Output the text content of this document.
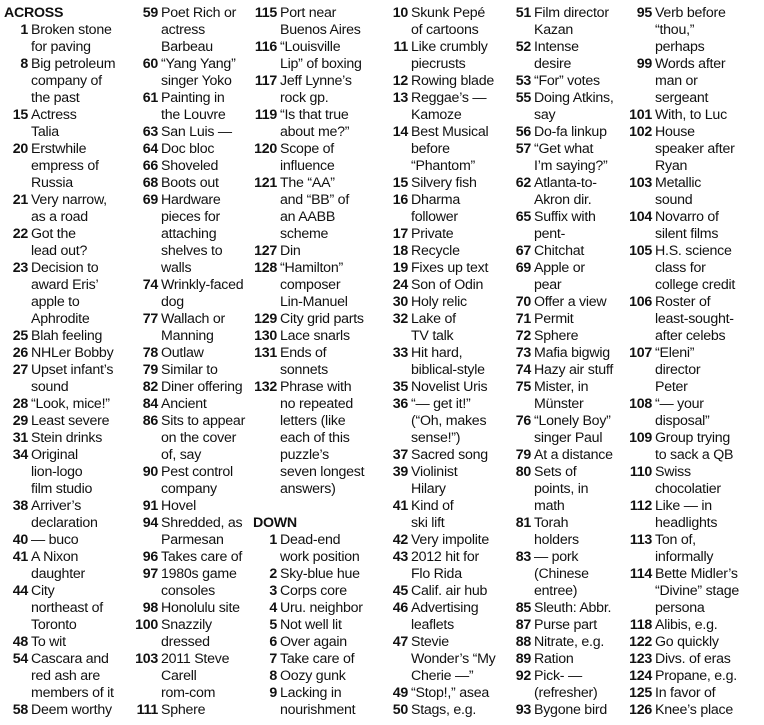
ACROSS
1 Broken stone
for paving
8 Big petroleum
company of
the past
15 Actress
Talia
20 Erstwhile
empress of
Russia
21 Very narrow,
as a road
22 Got the
lead out?
23 Decision to
award Eris’
apple to
Aphrodite
25 Blah feeling
26 NHLer Bobby
27 Upset infant’s
sound
28 “Look, mice!”
29 Least severe
31 Stein drinks
34 Original
lion-logo
film studio
38 Arriver’s
declaration
40 — buco
41 A Nixon
daughter
44 City
northeast of
Toronto
48 To wit
54 Cascara and
red ash are
members of it
58 Deem worthy
59 Poet Rich or
actress
Barbeau
60 “Yang Yang”
singer Yoko
61 Painting in
the Louvre
63 San Luis —
64 Doc bloc
66 Shoveled
68 Boots out
69 Hardware
pieces for
attaching
shelves to
walls
74 Wrinkly-faced
dog
77 Wallach or
Manning
78 Outlaw
79 Similar to
82 Diner offering
84 Ancient
86 Sits to appear
on the cover
of, say
90 Pest control
company
91 Hovel
94 Shredded, as
Parmesan
96 Takes care of
97 1980s game
consoles
98 Honolulu site
100 Snazzily
dressed
103 2011 Steve
Carell
rom-com
111 Sphere
115 Port near
Buenos Aires
116 “Louisville
Lip” of boxing
117 Jeff Lynne’s
rock gp.
119 “Is that true
about me?”
120 Scope of
influence
121 The “AA”
and “BB” of
an AABB
scheme
127 Din
128 “Hamilton”
composer
Lin-Manuel
129 City grid parts
130 Lace snarls
131 Ends of
sonnets
132 Phrase with
no repeated
letters (like
each of this
puzzle’s
seven longest
answers)
DOWN
1 Dead-end
work position
2 Sky-blue hue
3 Corps core
4 Uru. neighbor
5 Not well lit
6 Over again
7 Take care of
8 Oozy gunk
9 Lacking in
nourishment
10 Skunk Pepé
of cartoons
11 Like crumbly
piecrusts
12 Rowing blade
13 Reggae’s —
Kamoze
14 Best Musical
before
“Phantom”
15 Silvery fish
16 Dharma
follower
17 Private
18 Recycle
19 Fixes up text
24 Son of Odin
30 Holy relic
32 Lake of
TV talk
33 Hit hard,
biblical-style
35 Novelist Uris
36 “— get it!”
(“Oh, makes
sense!”)
37 Sacred song
39 Violinist
Hilary
41 Kind of
ski lift
42 Very impolite
43 2012 hit for
Flo Rida
45 Calif. air hub
46 Advertising
leaflets
47 Stevie
Wonder’s “My
Cherie —”
49 “Stop!,” asea
50 Stags, e.g.
51 Film director
Kazan
52 Intense
desire
53 “For” votes
55 Doing Atkins,
say
56 Do-fa linkup
57 “Get what
I’m saying?”
62 Atlanta-to-
Akron dir.
65 Suffix with
pent-
67 Chitchat
69 Apple or
pear
70 Offer a view
71 Permit
72 Sphere
73 Mafia bigwig
74 Hazy air stuff
75 Mister, in
Münster
76 “Lonely Boy”
singer Paul
79 At a distance
80 Sets of
points, in
math
81 Torah
holders
83 — pork
(Chinese
entree)
85 Sleuth: Abbr.
87 Purse part
88 Nitrate, e.g.
89 Ration
92 Pick- —
(refresher)
93 Bygone bird
95 Verb before
“thou,”
perhaps
99 Words after
man or
sergeant
101 With, to Luc
102 House
speaker after
Ryan
103 Metallic
sound
104 Novarro of
silent films
105 H.S. science
class for
college credit
106 Roster of
least-sought-
after celebs
107 “Eleni”
director
Peter
108 “— your
disposal”
109 Group trying
to sack a QB
110 Swiss
chocolatier
112 Like — in
headlights
113 Ton of,
informally
114 Bette Midler’s
“Divine” stage
persona
118 Alibis, e.g.
122 Go quickly
123 Divs. of eras
124 Propane, e.g.
125 In favor of
126 Knee’s place
